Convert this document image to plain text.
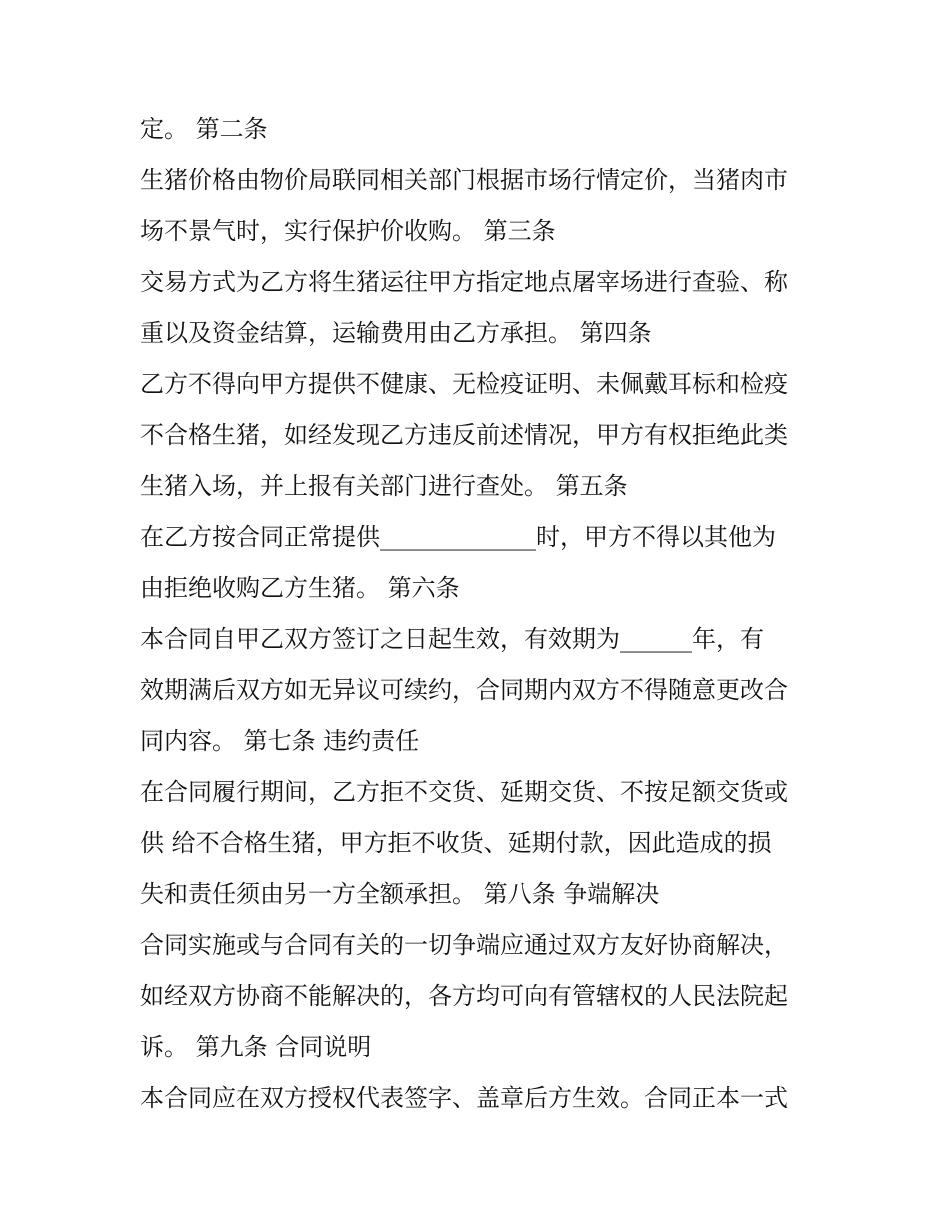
定。 第二条
生猪价格由物价局联同相关部门根据市场行情定价，当猪肉市
场不景气时，实行保护价收购。 第三条
交易方式为乙方将生猪运往甲方指定地点屠宰场进行查验、称
重以及资金结算，运输费用由乙方承担。 第四条
乙方不得向甲方提供不健康、无检疫证明、未佩戴耳标和检疫
不合格生猪，如经发现乙方违反前述情况，甲方有权拒绝此类
生猪入场，并上报有关部门进行查处。 第五条
在乙方按合同正常提供_____________时，甲方不得以其他为
由拒绝收购乙方生猪。 第六条
本合同自甲乙双方签订之日起生效，有效期为______年，有
效期满后双方如无异议可续约，合同期内双方不得随意更改合
同内容。 第七条 违约责任
在合同履行期间，乙方拒不交货、延期交货、不按足额交货或
供 给不合格生猪，甲方拒不收货、延期付款，因此造成的损
失和责任须由另一方全额承担。 第八条 争端解决
合同实施或与合同有关的一切争端应通过双方友好协商解决，
如经双方协商不能解决的，各方均可向有管辖权的人民法院起
诉。 第九条 合同说明
本合同应在双方授权代表签字、盖章后方生效。合同正本一式
